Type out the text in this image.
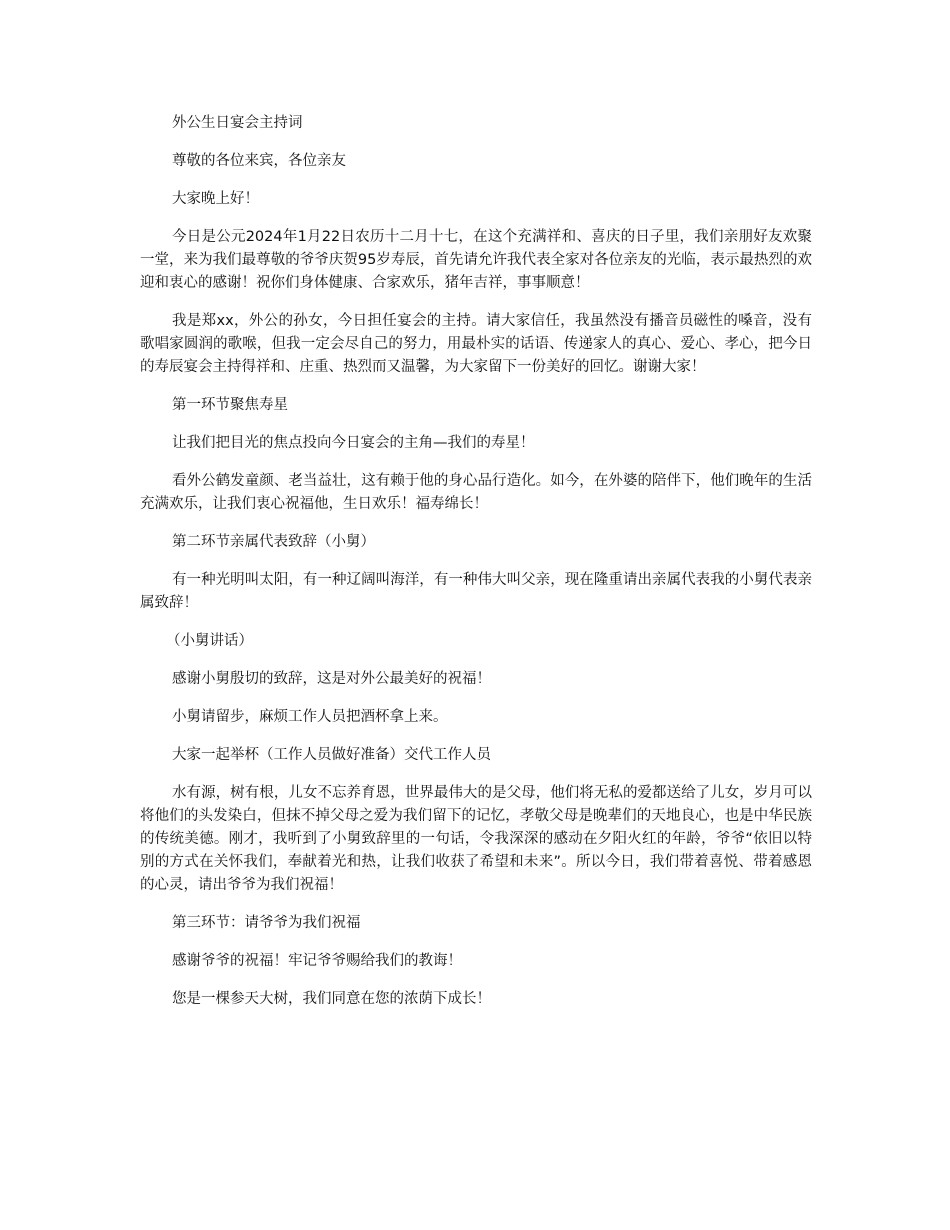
外公生日宴会主持词

尊敬的各位来宾，各位亲友

大家晚上好！

今日是公元2024年1月22日农历十二月十七，在这个充满祥和、喜庆的日子里，我们亲朋好友欢聚一堂，来为我们最尊敬的爷爷庆贺95岁寿辰，首先请允许我代表全家对各位亲友的光临，表示最热烈的欢迎和衷心的感谢！祝你们身体健康、合家欢乐，猪年吉祥，事事顺意！

我是郑xx，外公的孙女，今日担任宴会的主持。请大家信任，我虽然没有播音员磁性的嗓音，没有歌唱家圆润的歌喉，但我一定会尽自己的努力，用最朴实的话语、传递家人的真心、爱心、孝心，把今日的寿辰宴会主持得祥和、庄重、热烈而又温馨，为大家留下一份美好的回忆。谢谢大家！

第一环节聚焦寿星

让我们把目光的焦点投向今日宴会的主角—我们的寿星！

看外公鹤发童颜、老当益壮，这有赖于他的身心品行造化。如今，在外婆的陪伴下，他们晚年的生活充满欢乐，让我们衷心祝福他，生日欢乐！福寿绵长！

第二环节亲属代表致辞（小舅）

有一种光明叫太阳，有一种辽阔叫海洋，有一种伟大叫父亲，现在隆重请出亲属代表我的小舅代表亲属致辞！

（小舅讲话）

感谢小舅殷切的致辞，这是对外公最美好的祝福！

小舅请留步，麻烦工作人员把酒杯拿上来。

大家一起举杯（工作人员做好准备）交代工作人员

水有源，树有根，儿女不忘养育恩，世界最伟大的是父母，他们将无私的爱都送给了儿女，岁月可以将他们的头发染白，但抹不掉父母之爱为我们留下的记忆，孝敬父母是晚辈们的天地良心，也是中华民族的传统美德。刚才，我听到了小舅致辞里的一句话，令我深深的感动在夕阳火红的年龄，爷爷“依旧以特别的方式在关怀我们，奉献着光和热，让我们收获了希望和未来”。所以今日，我们带着喜悦、带着感恩的心灵，请出爷爷为我们祝福！

第三环节：请爷爷为我们祝福

感谢爷爷的祝福！牢记爷爷赐给我们的教诲！

您是一棵参天大树，我们同意在您的浓荫下成长！
